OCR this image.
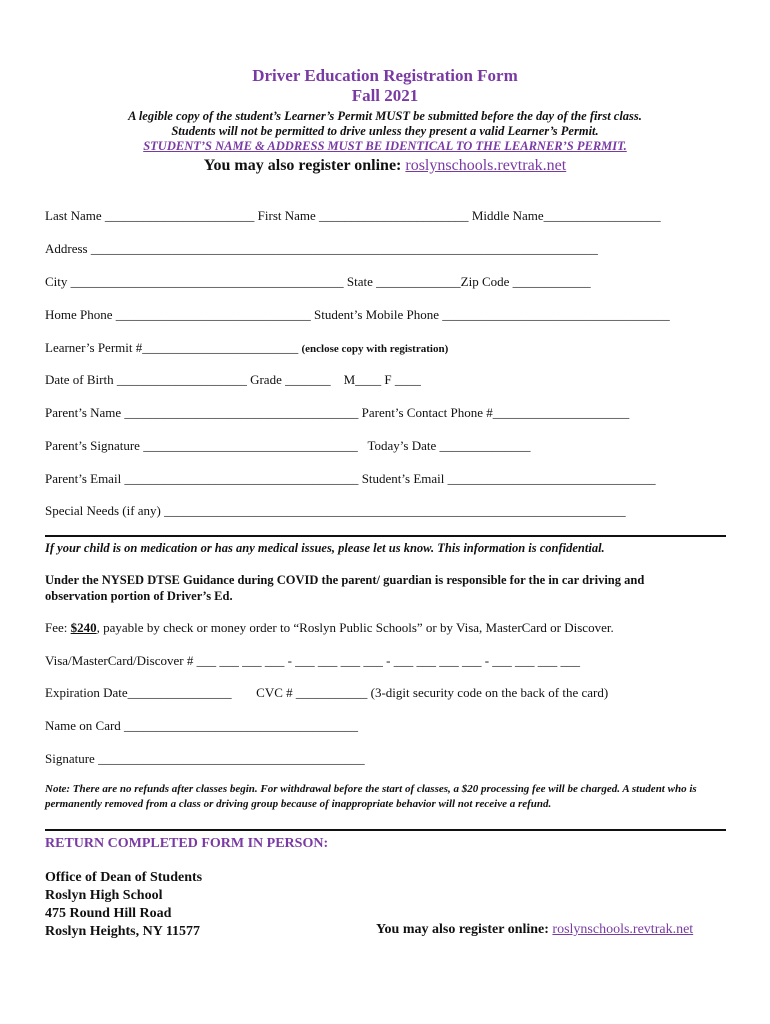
Driver Education Registration Form
Fall 2021
A legible copy of the student’s Learner’s Permit MUST be submitted before the day of the first class.
Students will not be permitted to drive unless they present a valid Learner’s Permit.
STUDENT’S NAME & ADDRESS MUST BE IDENTICAL TO THE LEARNER’S PERMIT.
You may also register online: roslynschools.revtrak.net
Last Name _______________________ First Name _______________________ Middle Name__________________
Address ______________________________________________________________________________
City __________________________________________ State _____________Zip Code ____________
Home Phone ______________________________ Student’s Mobile Phone ___________________________________
Learner’s Permit #________________________ (enclose copy with registration)
Date of Birth ____________________ Grade _______ M____ F ____
Parent’s Name ____________________________________ Parent’s Contact Phone #_____________________
Parent’s Signature _________________________________ Today’s Date ______________
Parent’s Email ____________________________________ Student’s Email ________________________________
Special Needs (if any) _______________________________________________________________________
If your child is on medication or has any medical issues, please let us know. This information is confidential.
Under the NYSED DTSE Guidance during COVID the parent/ guardian is responsible for the in car driving and
observation portion of Driver’s Ed.
Fee: $240, payable by check or money order to “Roslyn Public Schools” or by Visa, MasterCard or Discover.
Visa/MasterCard/Discover # ___ ___ ___ ___ - ___ ___ ___ ___ - ___ ___ ___ ___ - ___ ___ ___ ___
Expiration Date________________ CVC # ___________ (3-digit security code on the back of the card)
Name on Card ____________________________________
Signature _________________________________________
Note: There are no refunds after classes begin. For withdrawal before the start of classes, a $20 processing fee will be charged. A student who is permanently removed from a class or driving group because of inappropriate behavior will not receive a refund.
RETURN COMPLETED FORM IN PERSON:
Office of Dean of Students
Roslyn High School
475 Round Hill Road
Roslyn Heights, NY 11577	You may also register online: roslynschools.revtrak.net
